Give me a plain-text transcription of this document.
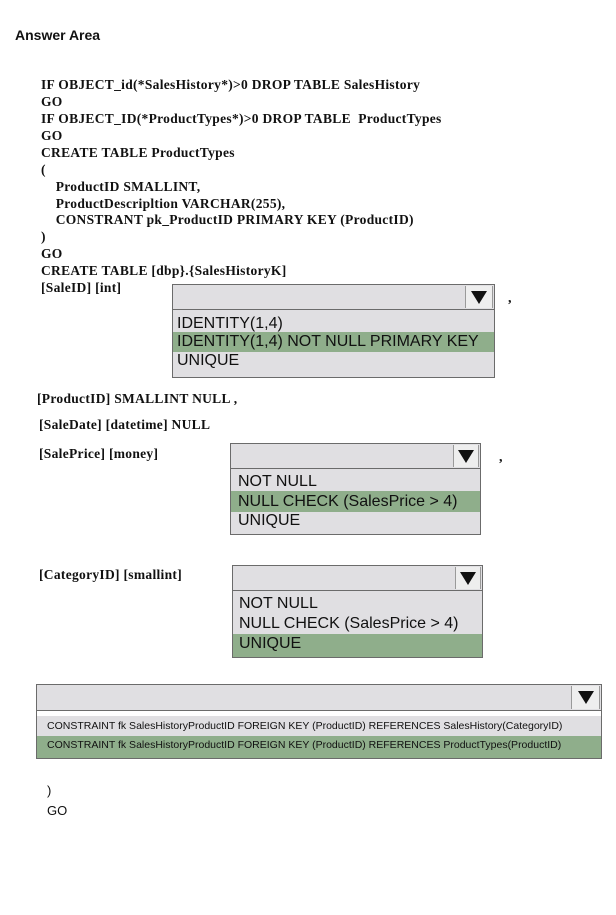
Answer Area
IF OBJECT_id(*SalesHistory*)>0 DROP TABLE SalesHistory
GO
IF OBJECT_ID(*ProductTypes*)>0 DROP TABLE  ProductTypes
GO
CREATE TABLE ProductTypes
(
ProductID SMALLINT,
ProductDescripltion VARCHAR(255),
CONSTRANT pk_ProductID PRIMARY KEY (ProductID)
)
GO
CREATE TABLE [dbp}.{SalesHistoryK]
[SaleID] [int]
IDENTITY(1,4)
IDENTITY(1,4) NOT NULL PRIMARY KEY
UNIQUE
,
[ProductID] SMALLINT NULL ,
[SaleDate] [datetime] NULL
[SalePrice] [money]
NOT NULL
NULL CHECK (SalesPrice > 4)
UNIQUE
,
[CategoryID] [smallint]
NOT NULL
NULL CHECK (SalesPrice > 4)
UNIQUE
CONSTRAINT fk SalesHistoryProductID FOREIGN KEY (ProductID) REFERENCES SalesHistory(CategoryID)
CONSTRAINT fk SalesHistoryProductID FOREIGN KEY (ProductID) REFERENCES ProductTypes(ProductID)
)
GO
